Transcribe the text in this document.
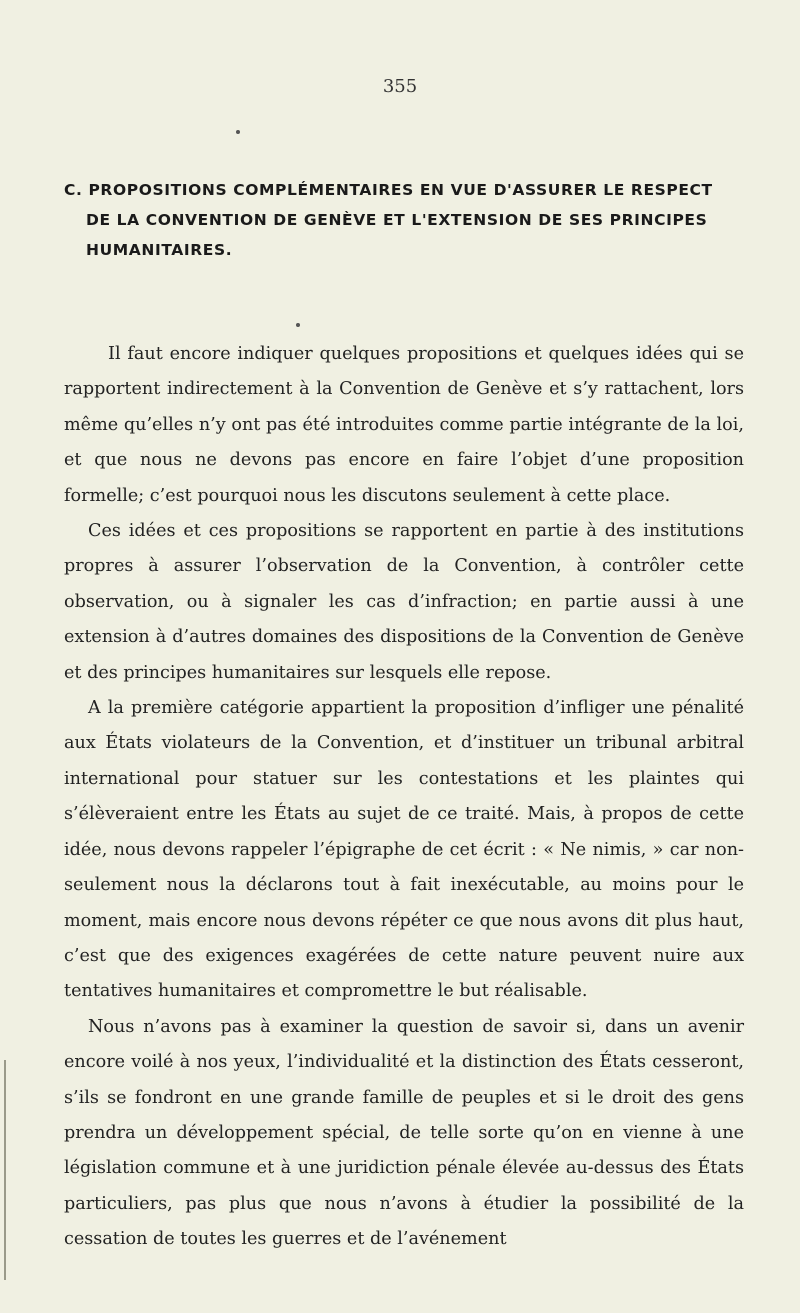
355
C. PROPOSITIONS COMPLÉMENTAIRES EN VUE D'ASSURER LE RESPECT
DE LA CONVENTION DE GENÈVE ET L'EXTENSION DE SES PRINCIPES
HUMANITAIRES.

Il faut encore indiquer quelques propositions et quelques idées qui se rapportent indirectement à la Convention de Genève et s’y rattachent, lors même qu’elles n’y ont pas été introduites comme partie intégrante de la loi, et que nous ne devons pas encore en faire l’objet d’une proposition formelle; c’est pourquoi nous les discutons seulement à cette place.

Ces idées et ces propositions se rapportent en partie à des institutions propres à assurer l’observation de la Convention, à contrôler cette observation, ou à signaler les cas d’infraction; en partie aussi à une extension à d’autres domaines des dispositions de la Convention de Genève et des principes humanitaires sur lesquels elle repose.

A la première catégorie appartient la proposition d’infliger une pénalité aux États violateurs de la Convention, et d’instituer un tribunal arbitral international pour statuer sur les contestations et les plaintes qui s’élèveraient entre les États au sujet de ce traité. Mais, à propos de cette idée, nous devons rappeler l’épigraphe de cet écrit : « Ne nimis, » car non-seulement nous la déclarons tout à fait inexécutable, au moins pour le moment, mais encore nous devons répéter ce que nous avons dit plus haut, c’est que des exigences exagérées de cette nature peuvent nuire aux tentatives humanitaires et compromettre le but réalisable.

Nous n’avons pas à examiner la question de savoir si, dans un avenir encore voilé à nos yeux, l’individualité et la distinction des États cesseront, s’ils se fondront en une grande famille de peuples et si le droit des gens prendra un développement spécial, de telle sorte qu’on en vienne à une législation commune et à une juridiction pénale élevée au-dessus des États particuliers, pas plus que nous n’avons à étudier la possibilité de la cessation de toutes les guerres et de l’avénement
